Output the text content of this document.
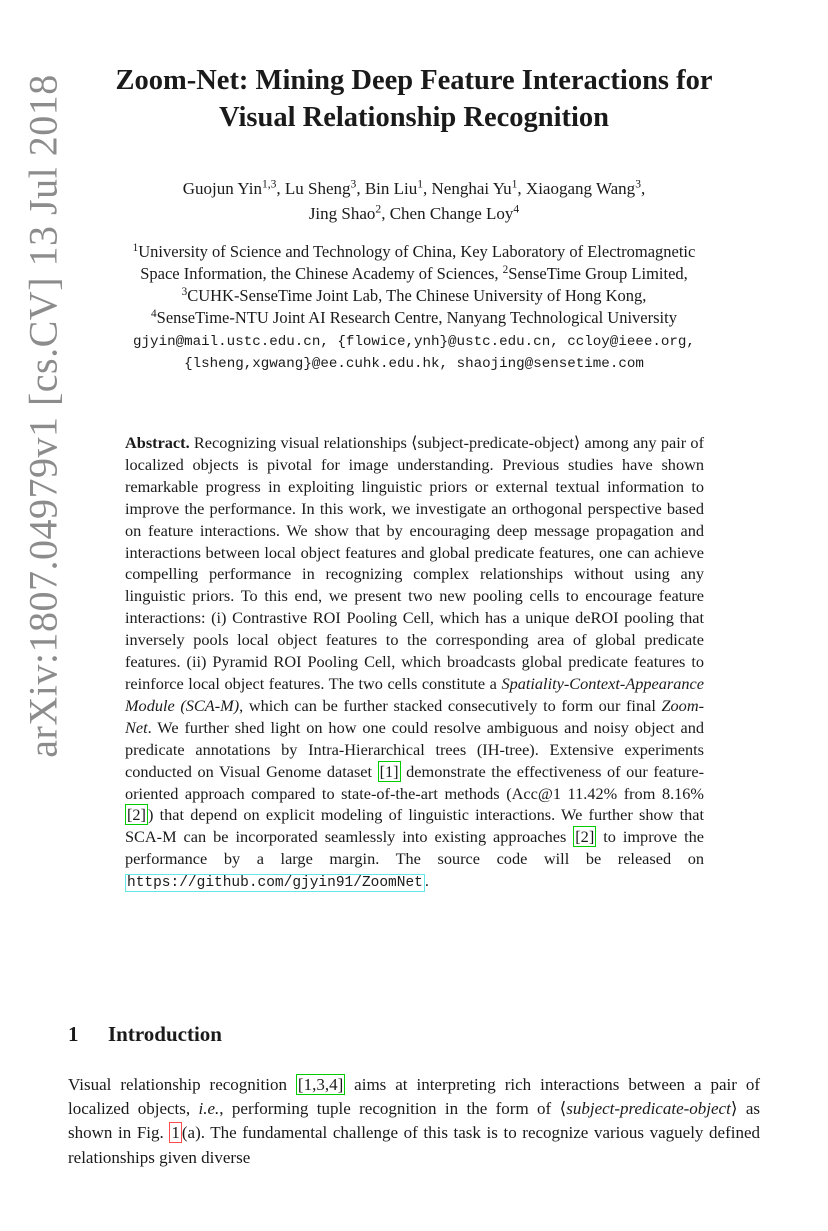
arXiv:1807.04979v1 [cs.CV] 13 Jul 2018	Zoom-Net: Mining Deep Feature Interactions for
Visual Relationship Recognition
Guojun Yin$^{1,3}$, Lu Sheng$^3$, Bin Liu$^1$, Nenghai Yu$^1$, Xiaogang Wang$^3$,
Jing Shao$^2$, Chen Change Loy$^4$
$^1$University of Science and Technology of China, Key Laboratory of Electromagnetic
Space Information, the Chinese Academy of Sciences, $^2$SenseTime Group Limited,
$^3$CUHK-SenseTime Joint Lab, The Chinese University of Hong Kong,
$^4$SenseTime-NTU Joint AI Research Centre, Nanyang Technological University
gjyin@mail.ustc.edu.cn, {flowice,ynh}@ustc.edu.cn, ccloy@ieee.org,
{lsheng,xgwang}@ee.cuhk.edu.hk, shaojing@sensetime.com
Abstract. Recognizing visual relationships ⟨subject-predicate-object⟩ among any pair of localized objects is pivotal for image understanding. Previous studies have shown remarkable progress in exploiting linguistic priors or external textual information to improve the performance. In this work, we investigate an orthogonal perspective based on feature interactions. We show that by encouraging deep message propagation and interactions between local object features and global predicate features, one can achieve compelling performance in recognizing complex relationships without using any linguistic priors. To this end, we present two new pooling cells to encourage feature interactions: (i) Contrastive ROI Pooling Cell, which has a unique deROI pooling that inversely pools local object features to the corresponding area of global predicate features. (ii) Pyramid ROI Pooling Cell, which broadcasts global predicate features to reinforce local object features. The two cells constitute a Spatiality-Context-Appearance Module (SCA-M), which can be further stacked consecutively to form our final Zoom-Net. We further shed light on how one could resolve ambiguous and noisy object and predicate annotations by Intra-Hierarchical trees (IH-tree). Extensive experiments conducted on Visual Genome dataset [1] demonstrate the effectiveness of our feature-oriented approach compared to state-of-the-art methods (Acc@1 11.42% from 8.16% [2] ) that depend on explicit modeling of linguistic interactions. We further show that SCA-M can be incorporated seamlessly into existing approaches [2] to improve the performance by a large margin. The source code will be released on https://github.com/gjyin91/ZoomNet .
1 Introduction
Visual relationship recognition [1,3,4] aims at interpreting rich interactions between a pair of localized objects, i.e., performing tuple recognition in the form of ⟨subject-predicate-object⟩ as shown in Fig. 1 (a). The fundamental challenge of this task is to recognize various vaguely defined relationships given diverse
